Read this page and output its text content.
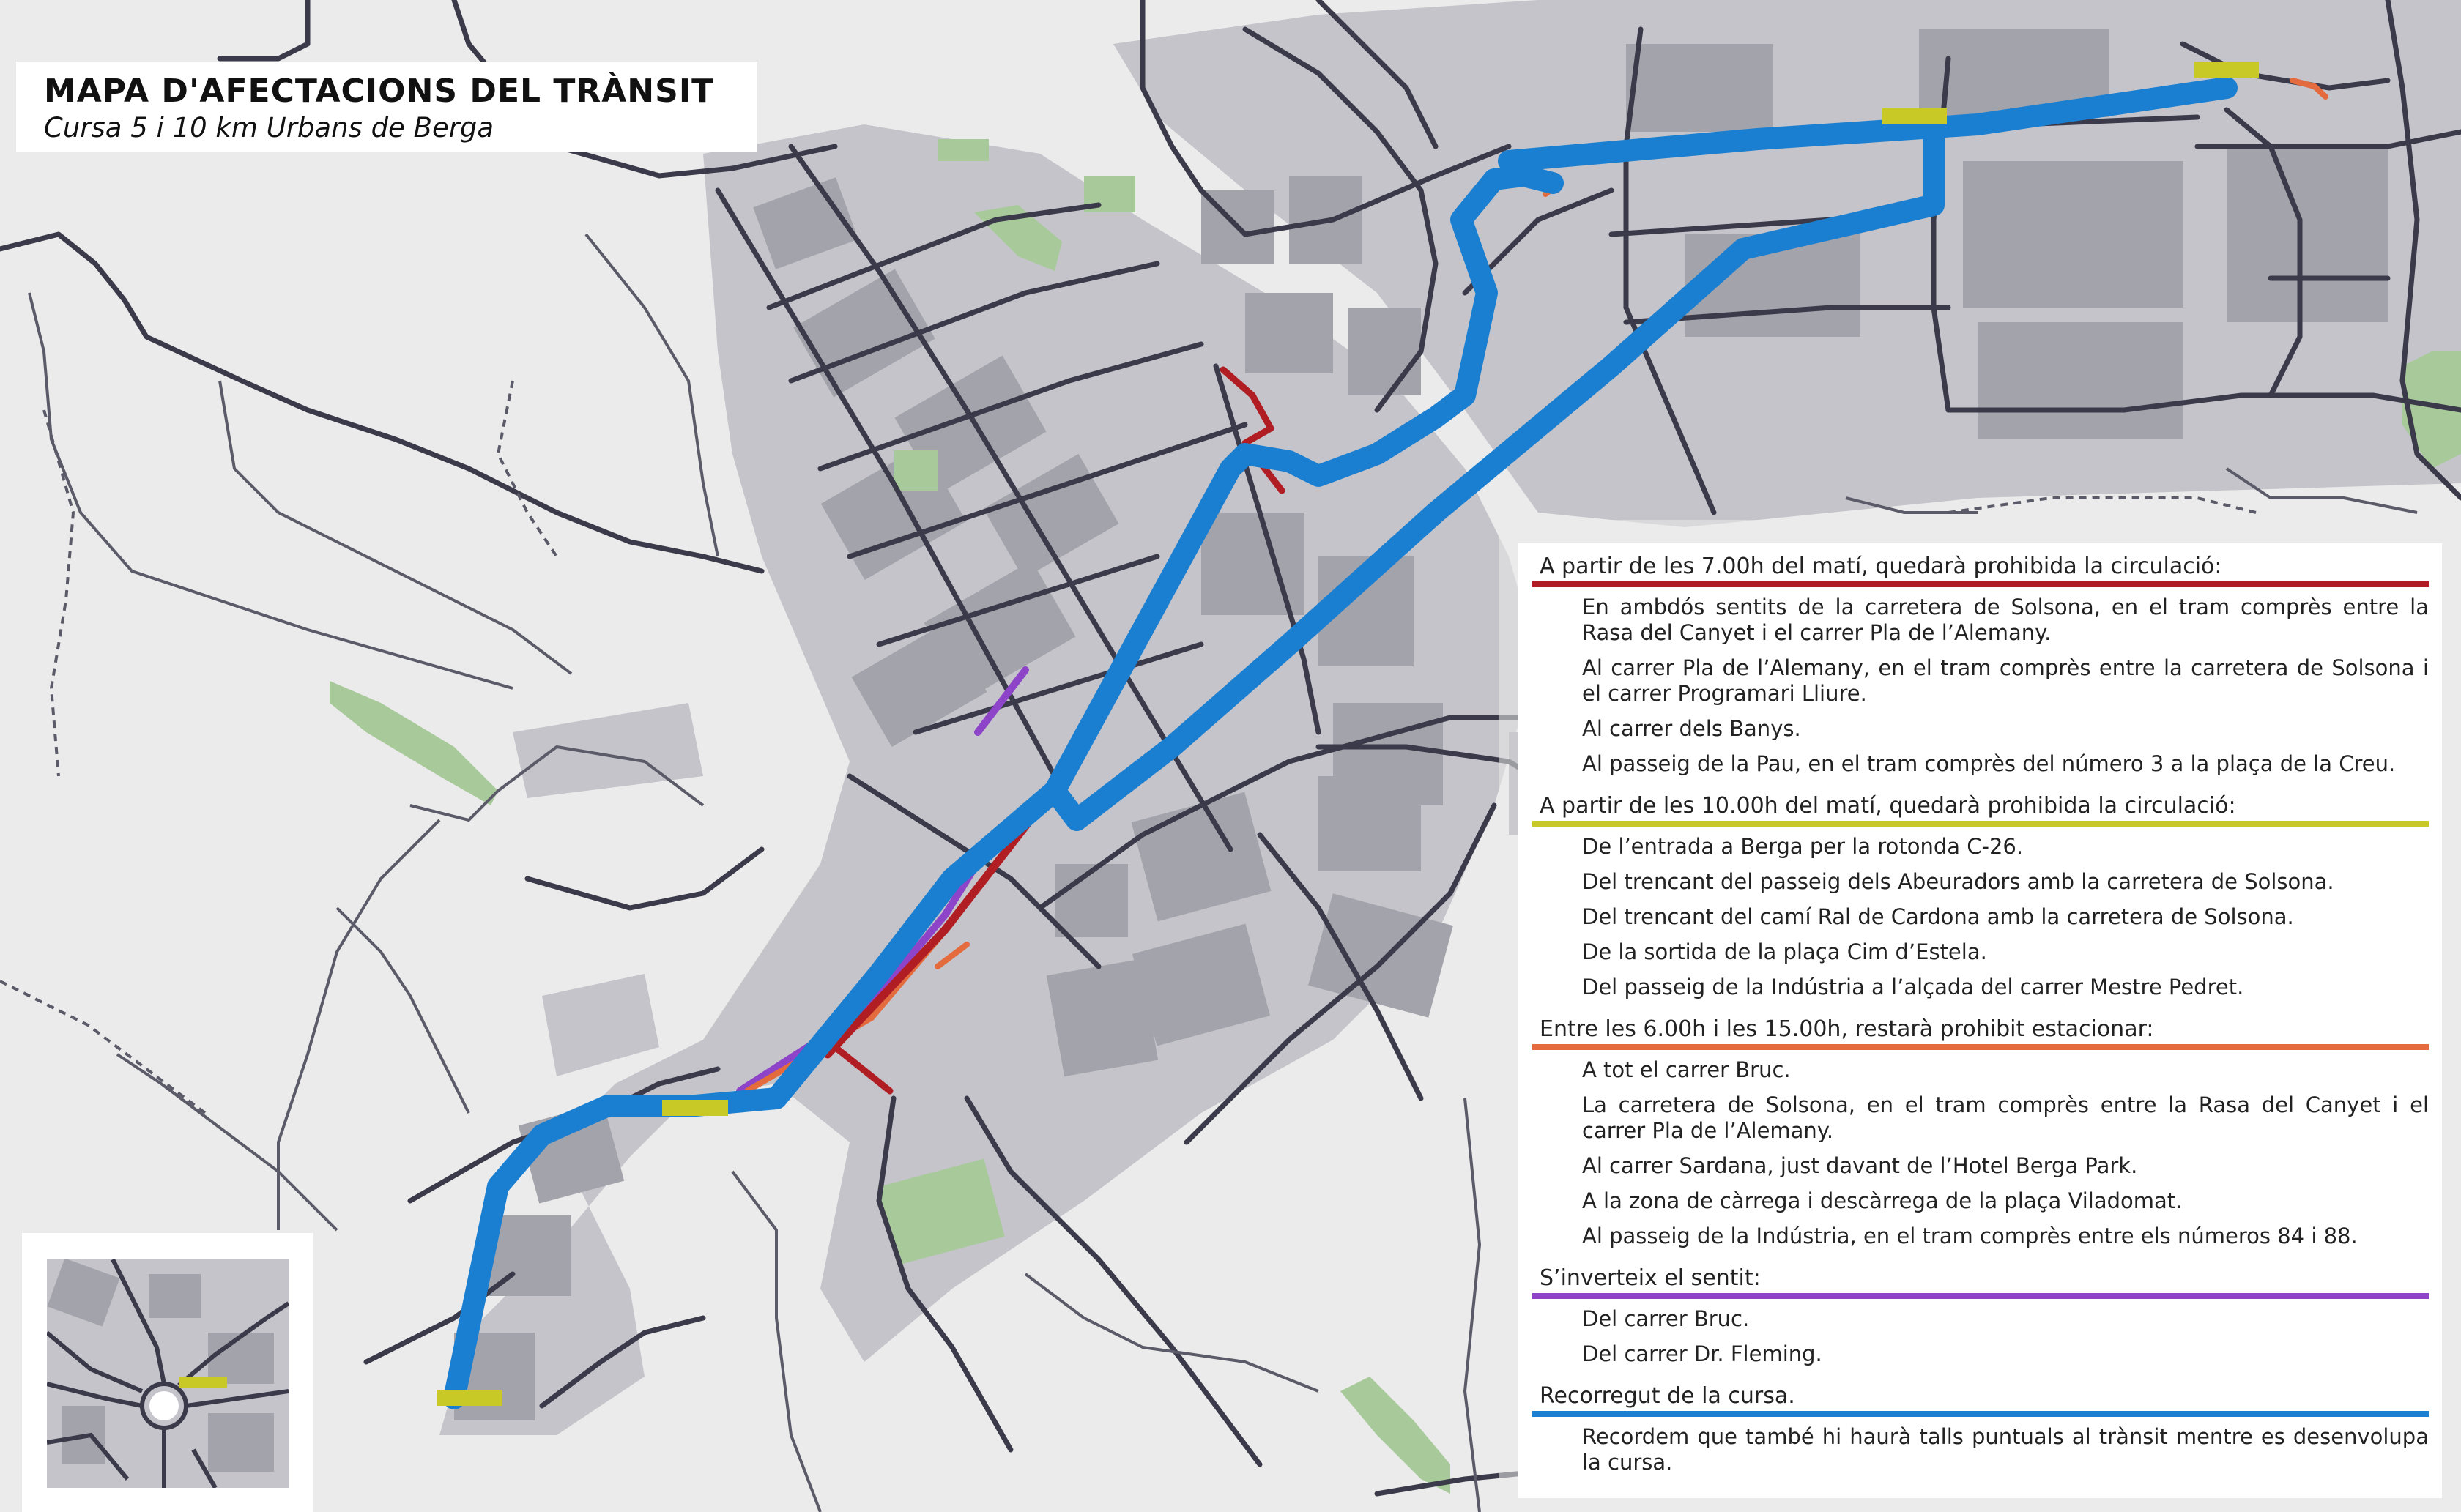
MAPA D'AFECTACIONS DEL TRÀNSIT
Cursa 5 i 10 km Urbans de Berga
A partir de les 7.00h del matí, quedarà prohibida la circulació:
En ambdós sentits de la carretera de Solsona, en el tram comprès entre la Rasa del Canyet i el carrer Pla de l’Alemany.
Al carrer Pla de l’Alemany, en el tram comprès entre la carretera de Solsona i el carrer Programari Lliure.
Al carrer dels Banys.
Al passeig de la Pau, en el tram comprès del número 3 a la plaça de la Creu.
A partir de les 10.00h del matí, quedarà prohibida la circulació:
De l’entrada a Berga per la rotonda C-26.
Del trencant del passeig dels Abeuradors amb la carretera de Solsona.
Del trencant del camí Ral de Cardona amb la carretera de Solsona.
De la sortida de la plaça Cim d’Estela.
Del passeig de la Indústria a l’alçada del carrer Mestre Pedret.
Entre les 6.00h i les 15.00h, restarà prohibit estacionar:
A tot el carrer Bruc.
La carretera de Solsona, en el tram comprès entre la Rasa del Canyet i el carrer Pla de l’Alemany.
Al carrer Sardana, just davant de l’Hotel Berga Park.
A la zona de càrrega i descàrrega de la plaça Viladomat.
Al passeig de la Indústria, en el tram comprès entre els números 84 i 88.
S’inverteix el sentit:
Del carrer Bruc.
Del carrer Dr. Fleming.
Recorregut de la cursa.
Recordem que també hi haurà talls puntuals al trànsit mentre es desenvolupa la cursa.
